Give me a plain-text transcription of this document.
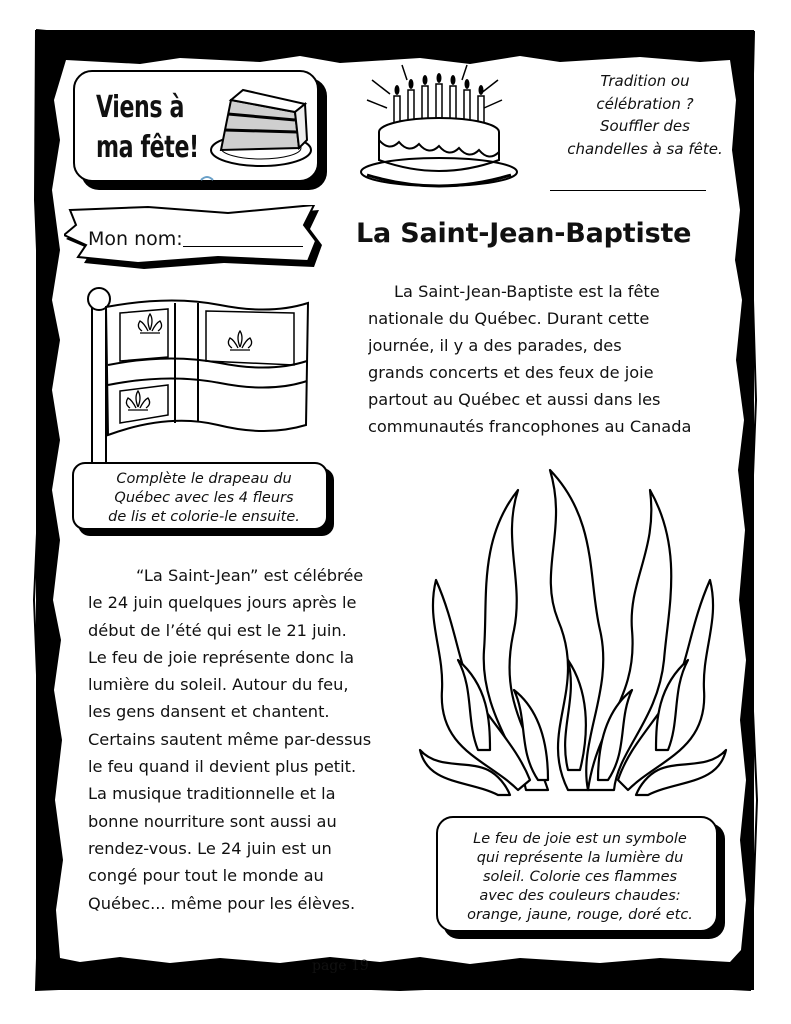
Viens à
ma fête!
Tradition ou
célébration ?
Souffler des
chandelles à sa fête.
Mon nom:	La Saint-Jean-Baptiste
La Saint-Jean-Baptiste est la fête
nationale du Québec. Durant cette
journée, il y a des parades, des
grands concerts et des feux de joie
partout au Québec et aussi dans les
communautés francophones au Canada
Complète le drapeau du
Québec avec les 4 fleurs
de lis et colorie-le ensuite.
“La Saint-Jean” est célébrée
le 24 juin quelques jours après le
début de l’été qui est le 21 juin.
Le feu de joie représente donc la
lumière du soleil. Autour du feu,
les gens dansent et chantent.
Certains sautent même par-dessus
le feu quand il devient plus petit.
La musique traditionnelle et la
bonne nourriture sont aussi au
rendez-vous. Le 24 juin est un
congé pour tout le monde au
Québec... même pour les élèves.
Le feu de joie est un symbole
qui représente la lumière du
soleil. Colorie ces flammes
avec des couleurs chaudes:
orange, jaune, rouge, doré etc.
page 19
